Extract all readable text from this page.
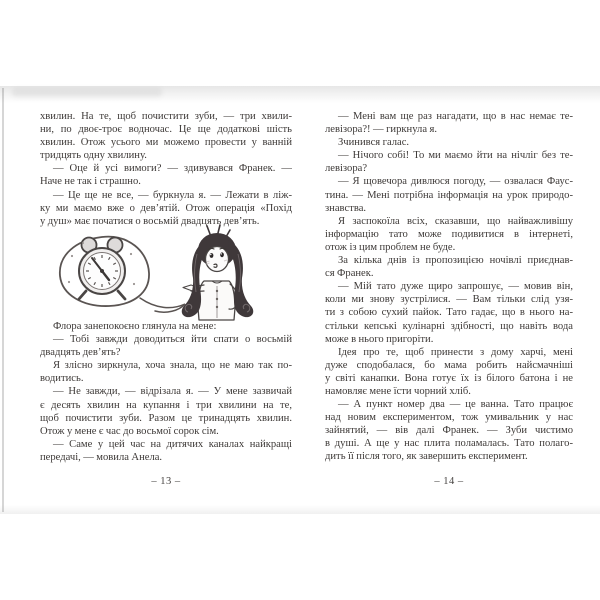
хвилин. На те, щоб почистити зуби, — три хвили-
ни, по двоє-троє водночас. Це ще додаткові шість
хвилин. Отож усього ми можемо провести у ванній
тридцять одну хвилину.
— Оце й усі вимоги? — здивувався Франек. —
Наче не так і страшно.
— Це ще не все, — буркнула я. — Лежати в ліж-
ку ми маємо вже о дев’ятій. Отож операція «Похід
у душ» має початися о восьмій двадцять дев’ять.
Флора занепокоєно глянула на мене:
— Тобі завжди доводиться йти спати о восьмій
двадцять дев’ять?
Я злісно зиркнула, хоча знала, що не маю так по-
водитись.
— Не завжди, — відрізала я. — У мене зазвичай
є десять хвилин на купання і три хвилини на те,
щоб почистити зуби. Разом це тринадцять хвилин.
Отож у мене є час до восьмої сорок сім.
— Саме у цей час на дитячих каналах найкращі
передачі, — мовила Анела.
– 13 –
— Мені вам ще раз нагадати, що в нас немає те-
левізора?! — гиркнула я.
Зчинився галас.
— Нічого собі! То ми маємо йти на нічліг без те-
левізора?
— Я щовечора дивлюся погоду, — озвалася Фаус-
тина. — Мені потрібна інформація на урок природо-
знавства.
Я заспокоїла всіх, сказавши, що найважливішу
інформацію тато може подивитися в інтернеті,
отож із цим проблем не буде.
За кілька днів із пропозицією ночівлі приєднав-
ся Франек.
— Мій тато дуже щиро запрошує, — мовив він,
коли ми знову зустрілися. — Вам тільки слід узя-
ти з собою сухий пайок. Тато гадає, що в нього на-
стільки кепські кулінарні здібності, що навіть вода
може в нього пригоріти.
Ідея про те, щоб принести з дому харчі, мені
дуже сподобалася, бо мама робить найсмачніші
у світі канапки. Вона готує їх із білого батона і не
намовляє мене їсти чорний хліб.
— А пункт номер два — це ванна. Тато працює
над новим експериментом, тож умивальник у нас
зайнятий, — вів далі Франек. — Зуби чистимо
в душі. А ще у нас плита поламалась. Тато полаго-
дить її після того, як завершить експеримент.
– 14 –
